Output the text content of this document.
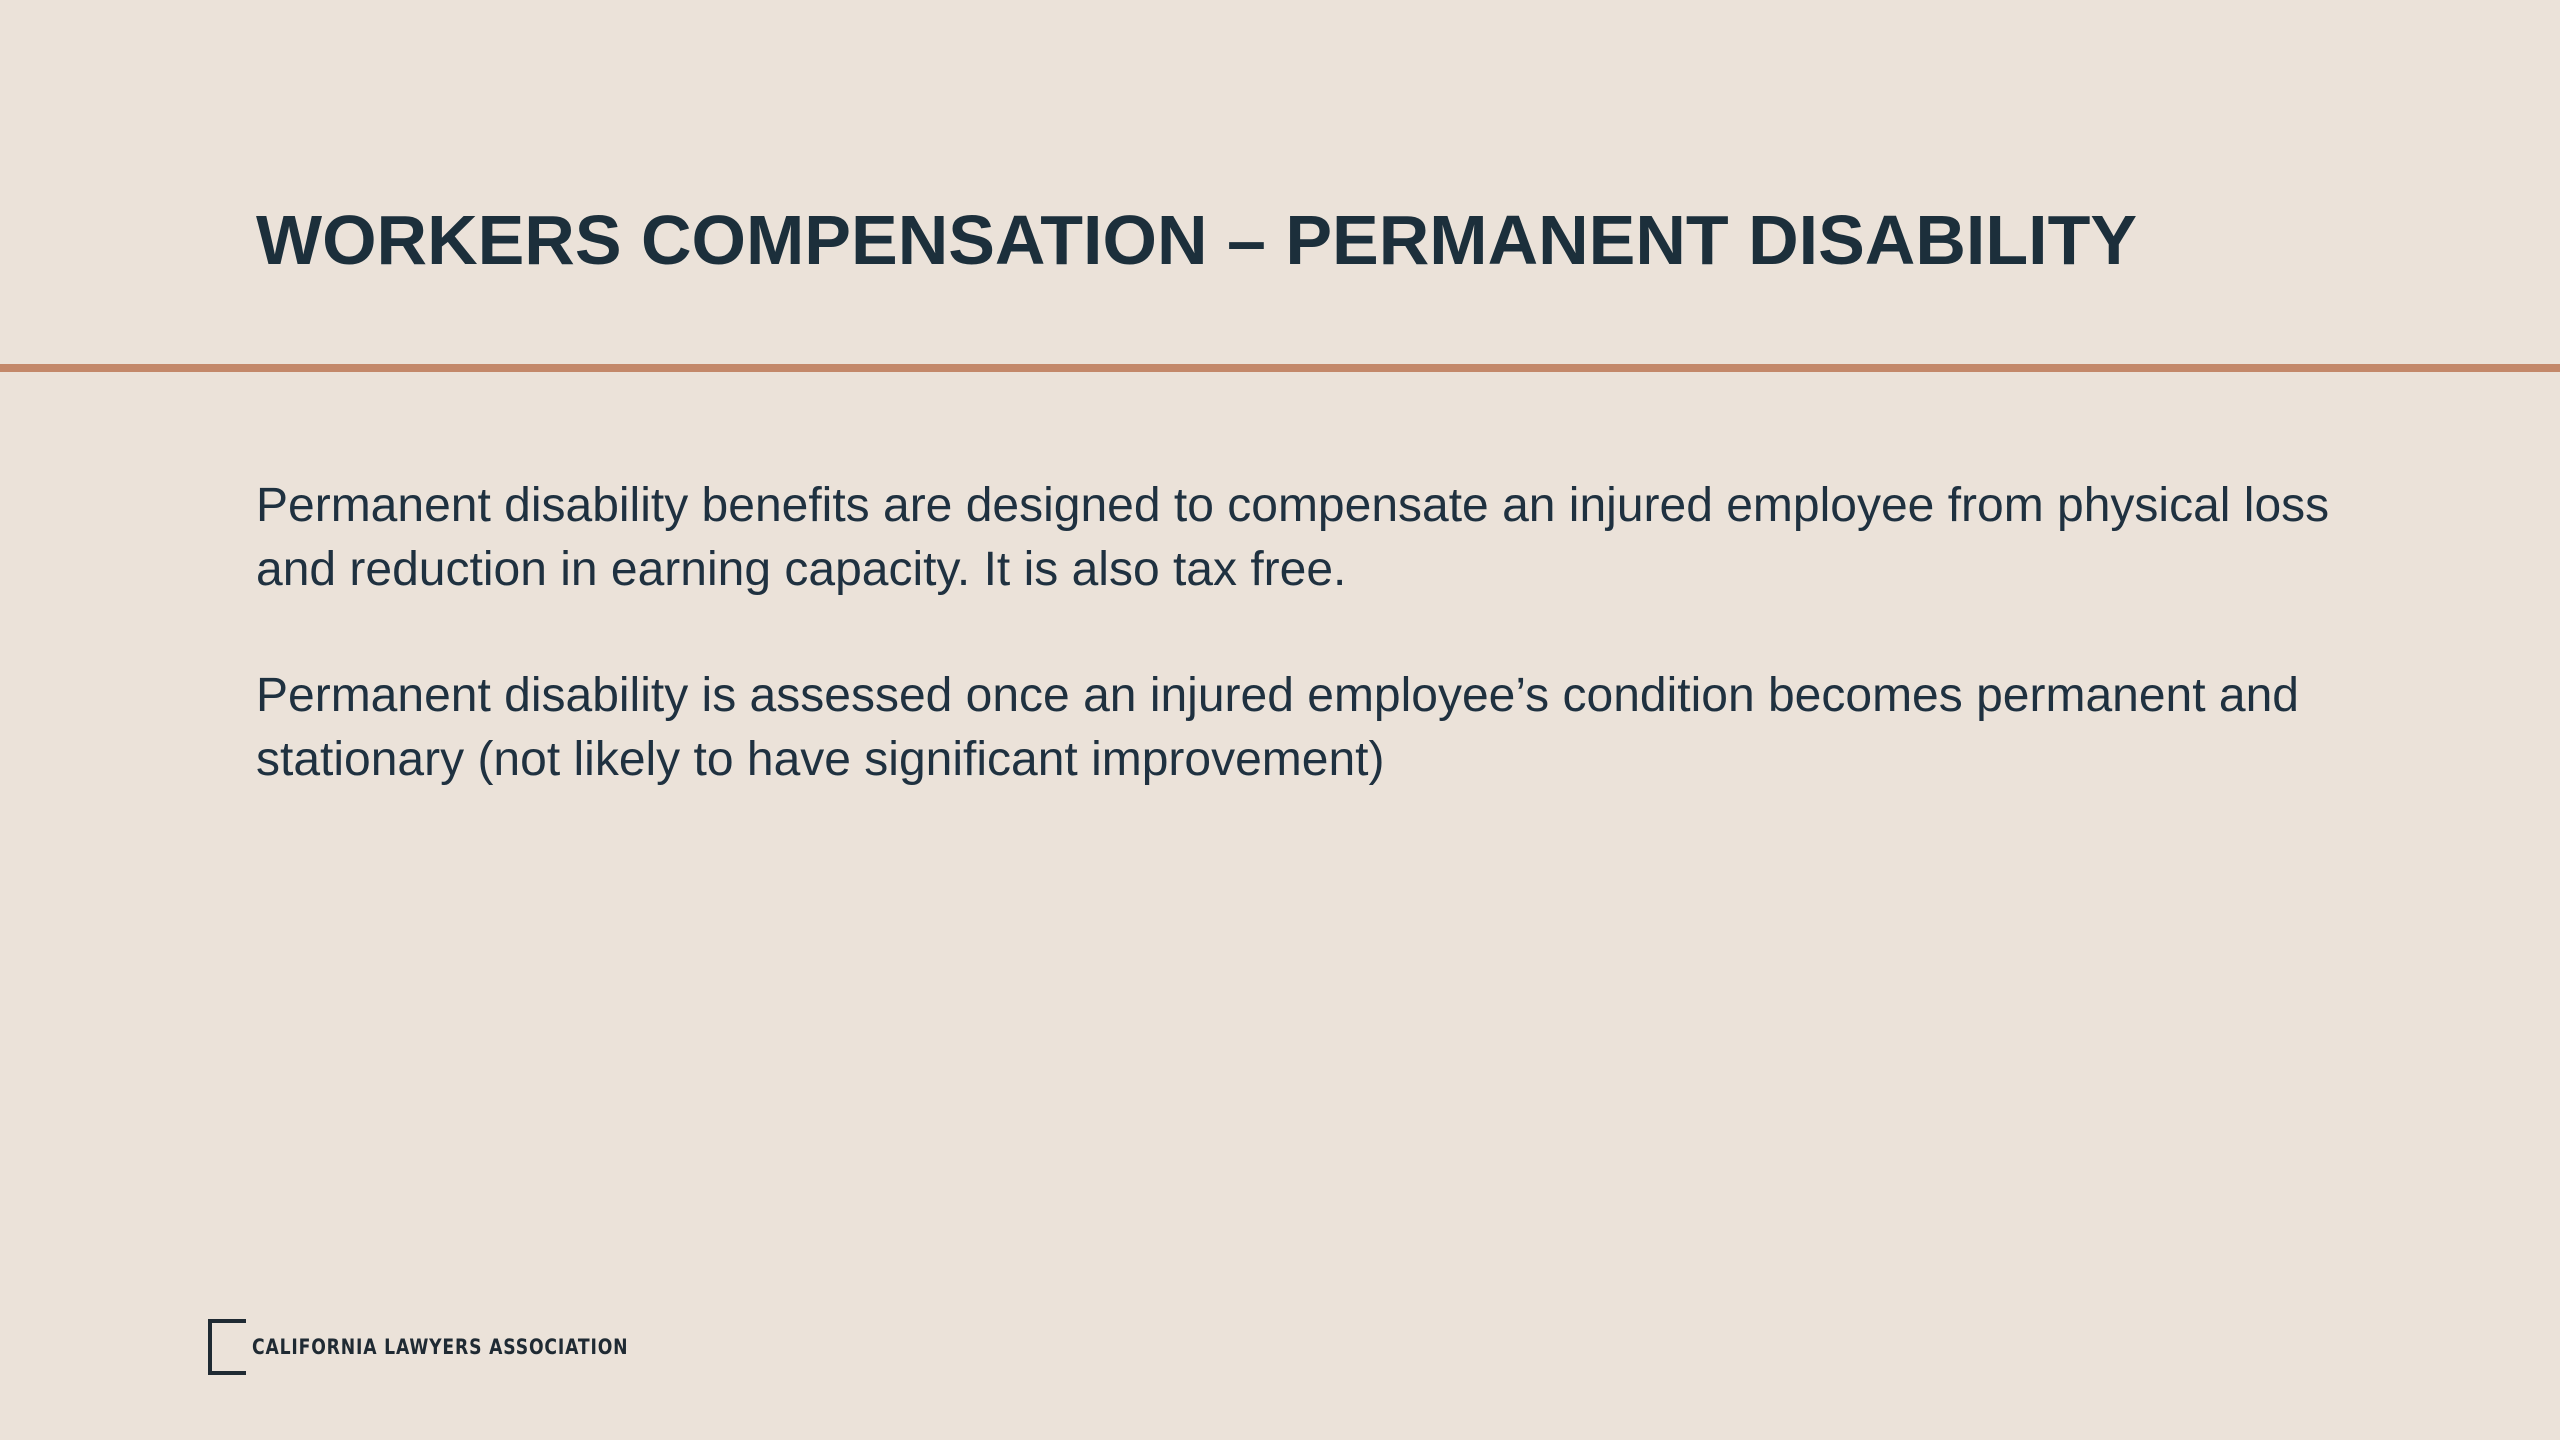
WORKERS COMPENSATION – PERMANENT DISABILITY

Permanent disability benefits are designed to compensate an injured employee from physical loss and reduction in earning capacity. It is also tax free.

Permanent disability is assessed once an injured employee’s condition becomes permanent and stationary (not likely to have significant improvement)

CALIFORNIA LAWYERS ASSOCIATION
